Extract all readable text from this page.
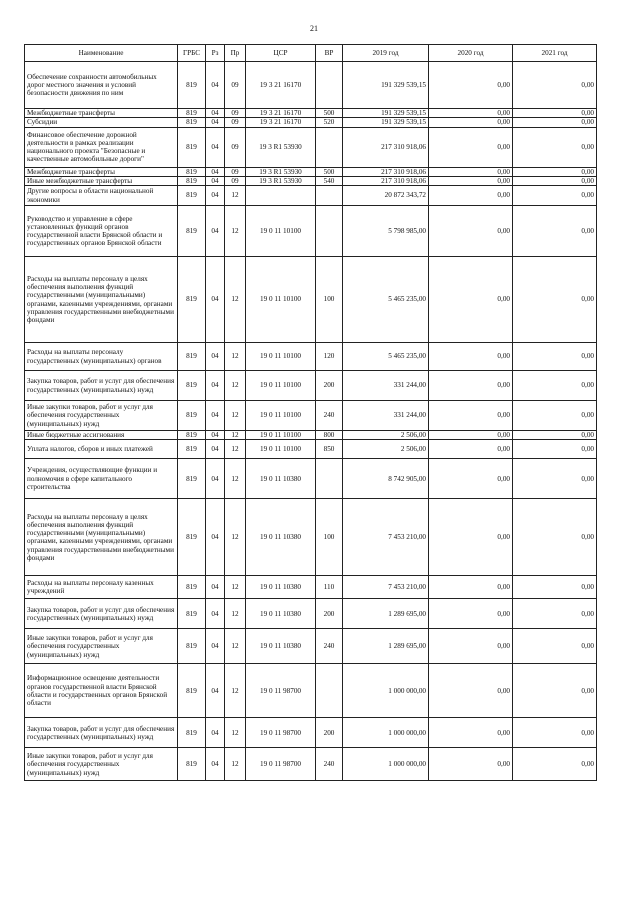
21
Наименование	ГРБС	Рз	Пр	ЦСР	ВР	2019 год	2020 год	2021 год
Обеспечение сохранности автомобильных дорог местного значения и условий безопасности движения по ним	819	04	09	19 3 21 16170		191 329 539,15	0,00	0,00
Межбюджетные трансферты	819	04	09	19 3 21 16170	500	191 329 539,15	0,00	0,00
Субсидии	819	04	09	19 3 21 16170	520	191 329 539,15	0,00	0,00
Финансовое обеспечение дорожной деятельности в рамках реализации национального проекта "Безопасные и качественные автомобильные дороги"	819	04	09	19 3 R1 53930		217 310 918,06	0,00	0,00
Межбюджетные трансферты	819	04	09	19 3 R1 53930	500	217 310 918,06	0,00	0,00
Иные межбюджетные трансферты	819	04	09	19 3 R1 53930	540	217 310 918,06	0,00	0,00
Другие вопросы в области национальной экономики	819	04	12			20 872 343,72	0,00	0,00
Руководство и управление в сфере установленных функций органов государственной власти Брянской области и государственных органов Брянской области	819	04	12	19 0 11 10100		5 798 985,00	0,00	0,00
Расходы на выплаты персоналу в целях обеспечения выполнения функций государственными (муниципальными) органами, казенными учреждениями, органами управления государственными внебюджетными фондами	819	04	12	19 0 11 10100	100	5 465 235,00	0,00	0,00
Расходы на выплаты персоналу государственных (муниципальных) органов	819	04	12	19 0 11 10100	120	5 465 235,00	0,00	0,00
Закупка товаров, работ и услуг для обеспечения государственных (муниципальных) нужд	819	04	12	19 0 11 10100	200	331 244,00	0,00	0,00
Иные закупки товаров, работ и услуг для обеспечения государственных (муниципальных) нужд	819	04	12	19 0 11 10100	240	331 244,00	0,00	0,00
Иные бюджетные ассигнования	819	04	12	19 0 11 10100	800	2 506,00	0,00	0,00
Уплата налогов, сборов и иных платежей	819	04	12	19 0 11 10100	850	2 506,00	0,00	0,00
Учреждения, осуществляющие функции и полномочия в сфере капитального строительства	819	04	12	19 0 11 10380		8 742 905,00	0,00	0,00
Расходы на выплаты персоналу в целях обеспечения выполнения функций государственными (муниципальными) органами, казенными учреждениями, органами управления государственными внебюджетными фондами	819	04	12	19 0 11 10380	100	7 453 210,00	0,00	0,00
Расходы на выплаты персоналу казенных учреждений	819	04	12	19 0 11 10380	110	7 453 210,00	0,00	0,00
Закупка товаров, работ и услуг для обеспечения государственных (муниципальных) нужд	819	04	12	19 0 11 10380	200	1 289 695,00	0,00	0,00
Иные закупки товаров, работ и услуг для обеспечения государственных (муниципальных) нужд	819	04	12	19 0 11 10380	240	1 289 695,00	0,00	0,00
Информационное освещение деятельности органов государственной власти Брянской области и государственных органов Брянской области	819	04	12	19 0 11 98700		1 000 000,00	0,00	0,00
Закупка товаров, работ и услуг для обеспечения государственных (муниципальных) нужд	819	04	12	19 0 11 98700	200	1 000 000,00	0,00	0,00
Иные закупки товаров, работ и услуг для обеспечения государственных (муниципальных) нужд	819	04	12	19 0 11 98700	240	1 000 000,00	0,00	0,00
